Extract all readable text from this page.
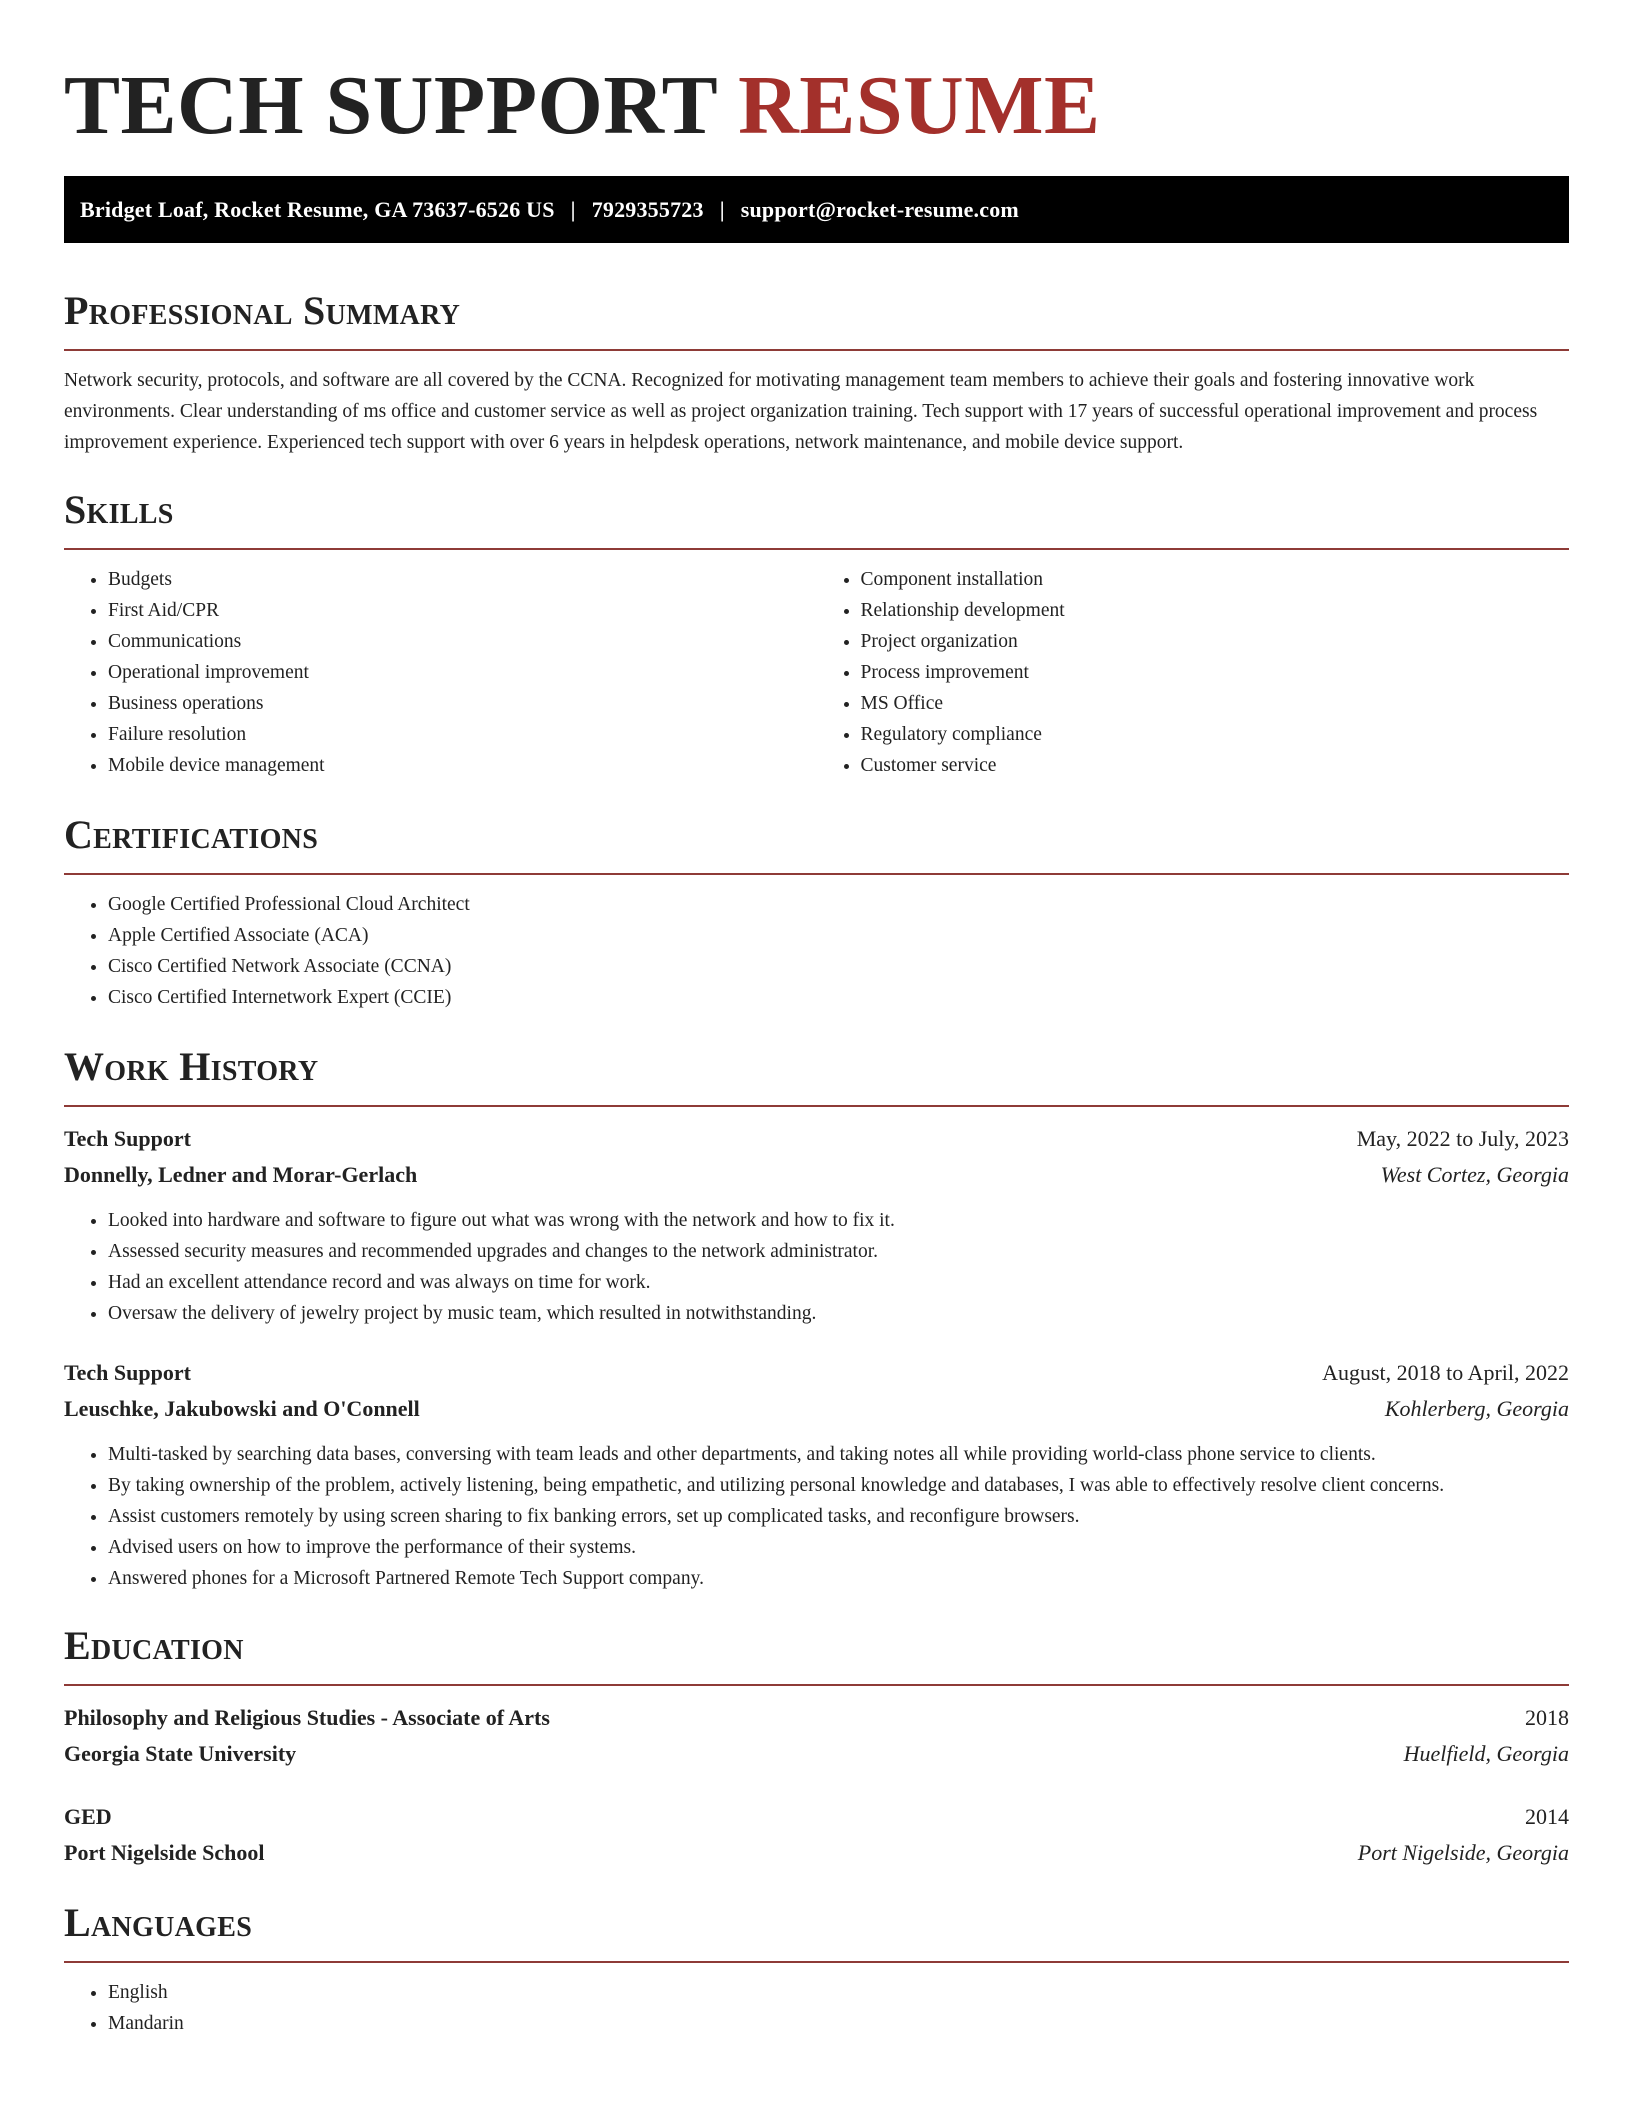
TECH SUPPORT RESUME
Bridget Loaf, Rocket Resume, GA 73637-6526 US | 7929355723 | support@rocket-resume.com
Professional Summary

Network security, protocols, and software are all covered by the CCNA. Recognized for motivating management team members to achieve their goals and fostering innovative work environments. Clear understanding of ms office and customer service as well as project organization training. Tech support with 17 years of successful operational improvement and process improvement experience. Experienced tech support with over 6 years in helpdesk operations, network maintenance, and mobile device support.

Skills
• Budgets
• First Aid/CPR
• Communications
• Operational improvement
• Business operations
• Failure resolution
• Mobile device management
• Component installation
• Relationship development
• Project organization
• Process improvement
• MS Office
• Regulatory compliance
• Customer service
Certifications
• Google Certified Professional Cloud Architect
• Apple Certified Associate (ACA)
• Cisco Certified Network Associate (CCNA)
• Cisco Certified Internetwork Expert (CCIE)
Work History
Tech Support	May, 2022 to July, 2023
Donnelly, Ledner and Morar-Gerlach	West Cortez, Georgia
• Looked into hardware and software to figure out what was wrong with the network and how to fix it.
• Assessed security measures and recommended upgrades and changes to the network administrator.
• Had an excellent attendance record and was always on time for work.
• Oversaw the delivery of jewelry project by music team, which resulted in notwithstanding.
Tech Support	August, 2018 to April, 2022
Leuschke, Jakubowski and O'Connell	Kohlerberg, Georgia
• Multi-tasked by searching data bases, conversing with team leads and other departments, and taking notes all while providing world-class phone service to clients.
• By taking ownership of the problem, actively listening, being empathetic, and utilizing personal knowledge and databases, I was able to effectively resolve client concerns.
• Assist customers remotely by using screen sharing to fix banking errors, set up complicated tasks, and reconfigure browsers.
• Advised users on how to improve the performance of their systems.
• Answered phones for a Microsoft Partnered Remote Tech Support company.
Education
Philosophy and Religious Studies - Associate of Arts	2018
Georgia State University	Huelfield, Georgia
GED	2014
Port Nigelside School	Port Nigelside, Georgia
Languages
• English
• Mandarin
